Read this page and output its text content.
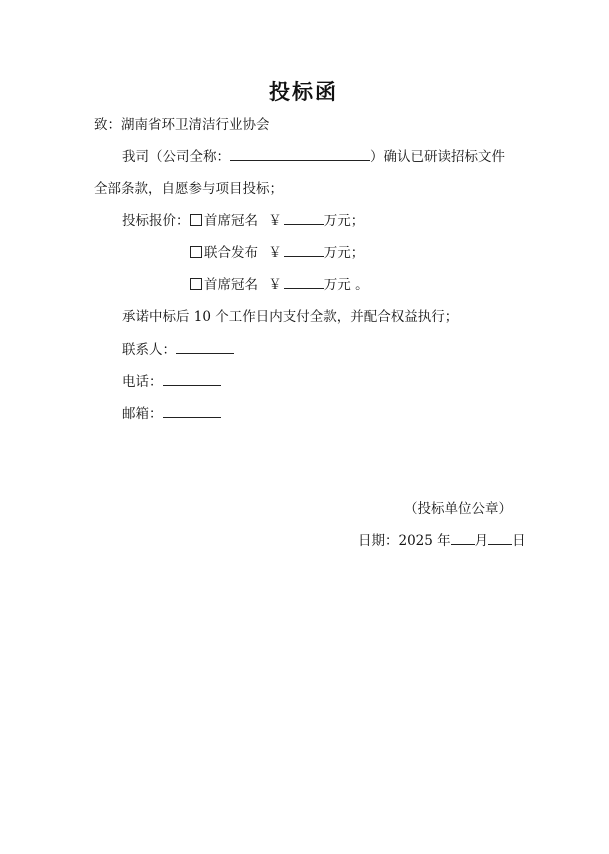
投标函
致：湖南省环卫清洁行业协会
我司（公司全称：	）确认已研读招标文件
全部条款，自愿参与项目投标；
投标报价：	首席冠名 ￥	万元；
联合发布 ￥	万元；
首席冠名 ￥	万元 。
承诺中标后 10 个工作日内支付全款，并配合权益执行；
联系人：
电话：
邮箱：
（投标单位公章）
日期：2025 年 月 日
